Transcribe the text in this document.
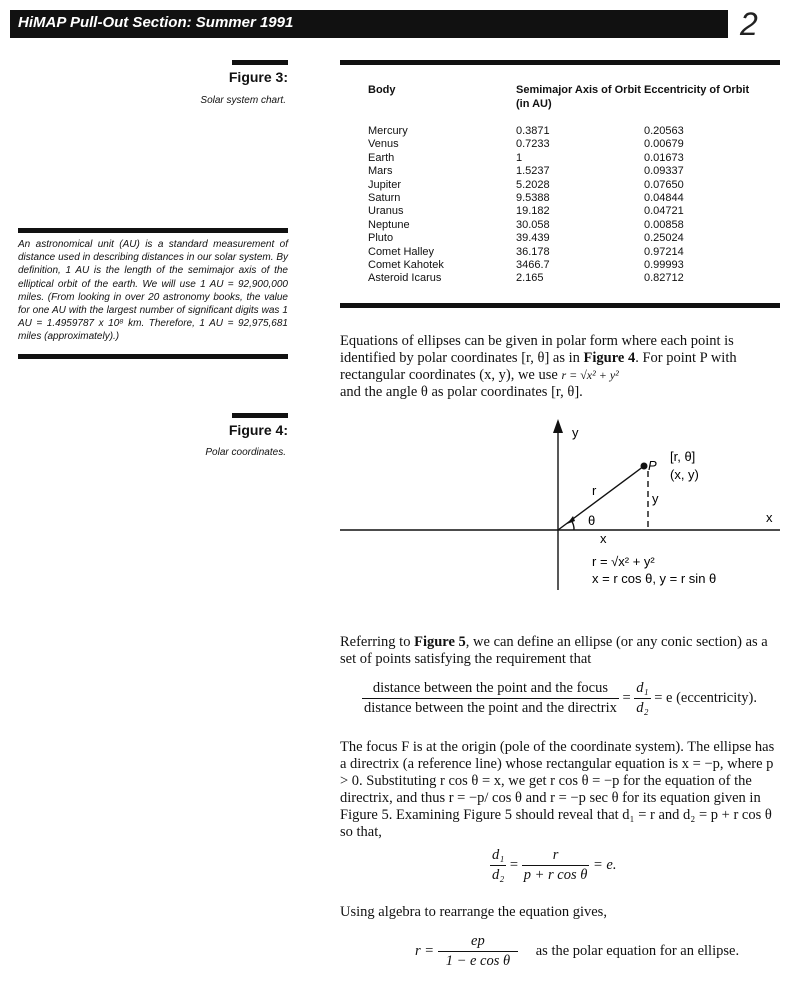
HiMAP Pull-Out Section: Summer 1991	2
Figure 3:
Solar system chart.
An astronomical unit (AU) is a standard measurement of distance used in describing distances in our solar system. By definition, 1 AU is the length of the semimajor axis of the elliptical orbit of the earth. We will use 1 AU = 92,900,000 miles. (From looking in over 20 astronomy books, the value for one AU with the largest number of significant digits was 1 AU = 1.4959787 x 10⁸ km. Therefore, 1 AU = 92,975,681 miles (approximately).)
Figure 4:
Polar coordinates.
Body	Semimajor Axis of Orbit (in AU)	Eccentricity of Orbit
Mercury	0.3871	0.20563
Venus	0.7233	0.00679
Earth	1	0.01673
Mars	1.5237	0.09337
Jupiter	5.2028	0.07650
Saturn	9.5388	0.04844
Uranus	19.182	0.04721
Neptune	30.058	0.00858
Pluto	39.439	0.25024
Comet Halley	36.178	0.97214
Comet Kahotek	3466.7	0.99993
Asteroid Icarus	2.165	0.82712
Equations of ellipses can be given in polar form where each point is identified by polar coordinates [r, θ] as in Figure 4. For point P with rectangular coordinates (x, y), we use r = √x² + y²
and the angle θ as polar coordinates [r, θ].
y
x
P
[r, θ]
(x, y)
r
y
x
θ
r = √x² + y²
x = r cos θ, y = r sin θ
Referring to Figure 5, we can define an ellipse (or any conic section) as a set of points satisfying the requirement that
$\frac{\text{distance between the point and the focus}}{\text{distance between the point and the directrix}} = \frac{\text{d₁}}{\text{d₂}} = e$ (eccentricity).
The focus F is at the origin (pole of the coordinate system). The ellipse has a directrix (a reference line) whose rectangular equation is x = −p, where p > 0. Substituting r cos θ = x, we get r cos θ = −p for the equation of the directrix, and thus r = −p/ cos θ and r = −p sec θ for its equation given in Figure 5. Examining Figure 5 should reveal that d₁ = r and d₂ = p + r cos θ so that,
$\frac{\text{d₁}}{\text{d₂}} = \frac{r}{\text{p + r cos θ}} = e$.
Using algebra to rearrange the equation gives,
$r = \frac{ep}{\text{1 − e cos θ}}$ as the polar equation for an ellipse.
